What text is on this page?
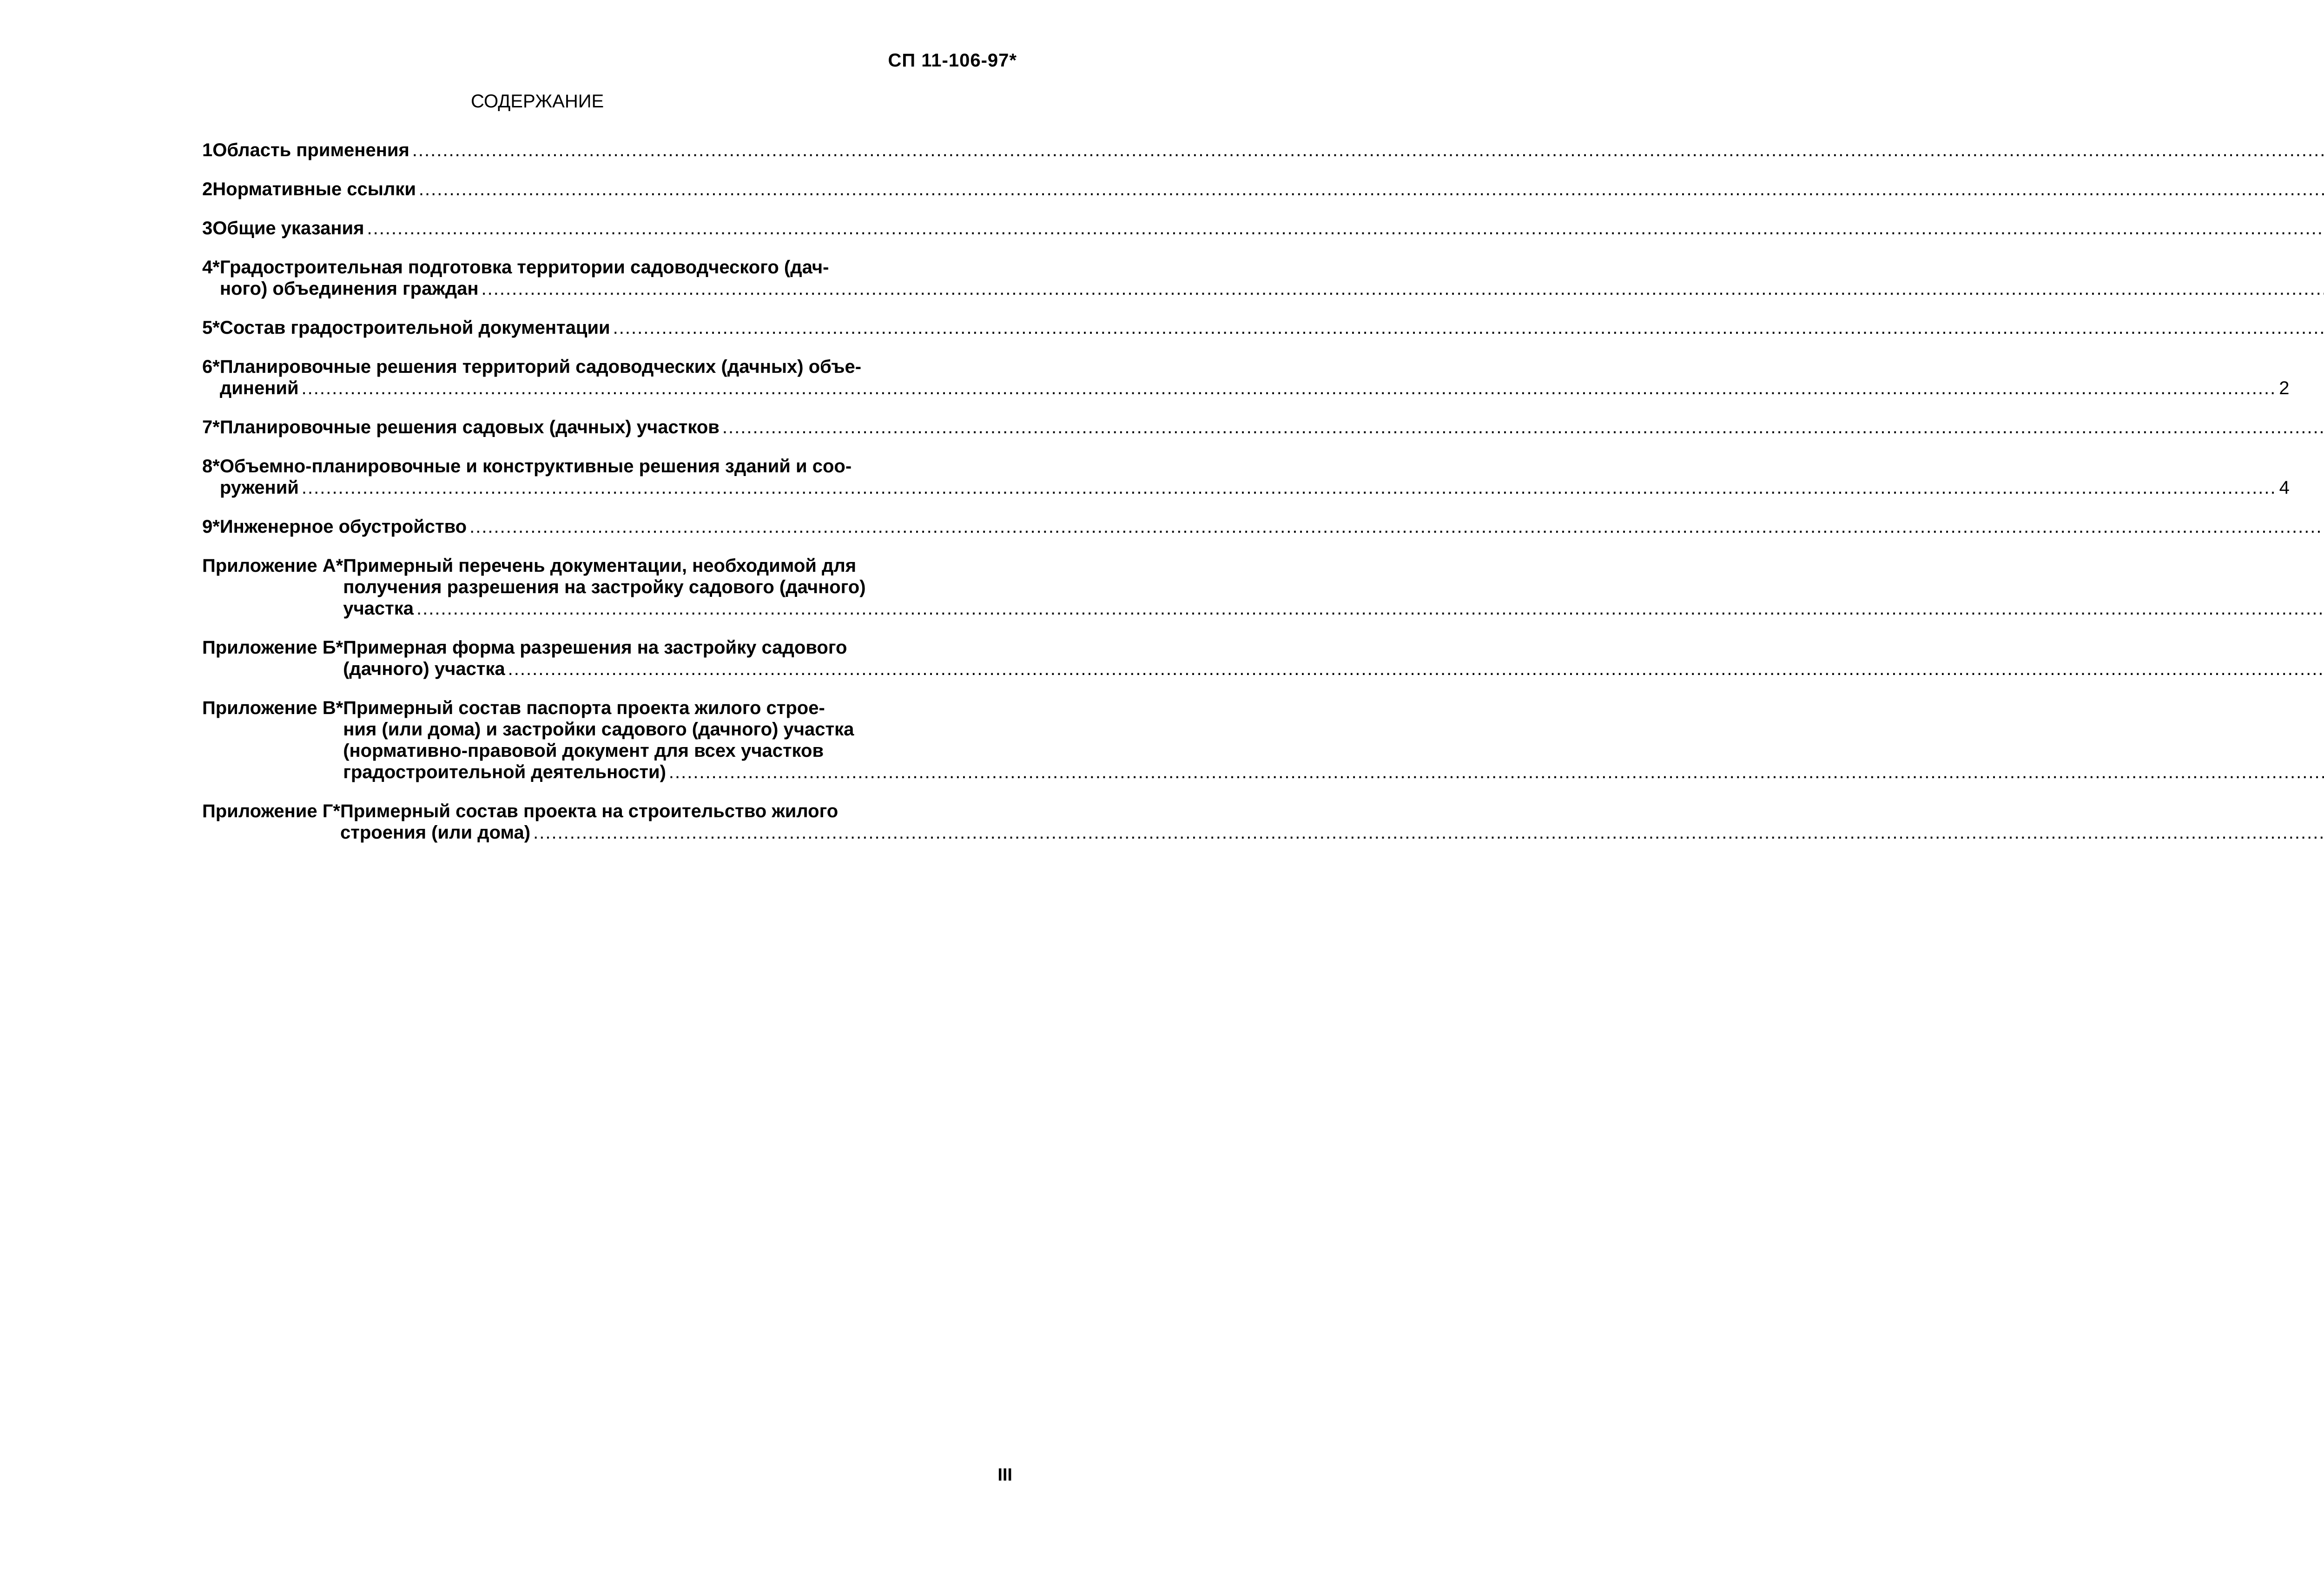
СП 11-106-97*
СОДЕРЖАНИЕ
1 Область применения
.....
2 Нормативные ссылки
.....
3 Общие указания
.....
4* Градостроительная подготовка территории садоводческого (дач-
ного) объединения граждан
.....
5* Состав градостроительной документации
.....
6* Планировочные решения территорий садоводческих (дачных) объе-
динений .....	2
7* Планировочные решения садовых (дачных) участков
.....
8* Объемно-планировочные и конструктивные решения зданий и соо-
ружений .....	4
9* Инженерное обустройство
.....
Приложение А* Примерный перечень документации, необходимой для
получения разрешения на застройку садового (дачного)
участка
.....
Приложение Б* Примерная форма разрешения на застройку садового
(дачного) участка
.....
Приложение В* Примерный состав паспорта проекта жилого строе-
ния (или дома) и застройки садового (дачного) участка
(нормативно-правовой документ для всех участков
градостроительной деятельности)
.....
Приложение Г* Примерный состав проекта на строительство жилого
строения (или дома)
.....
III
